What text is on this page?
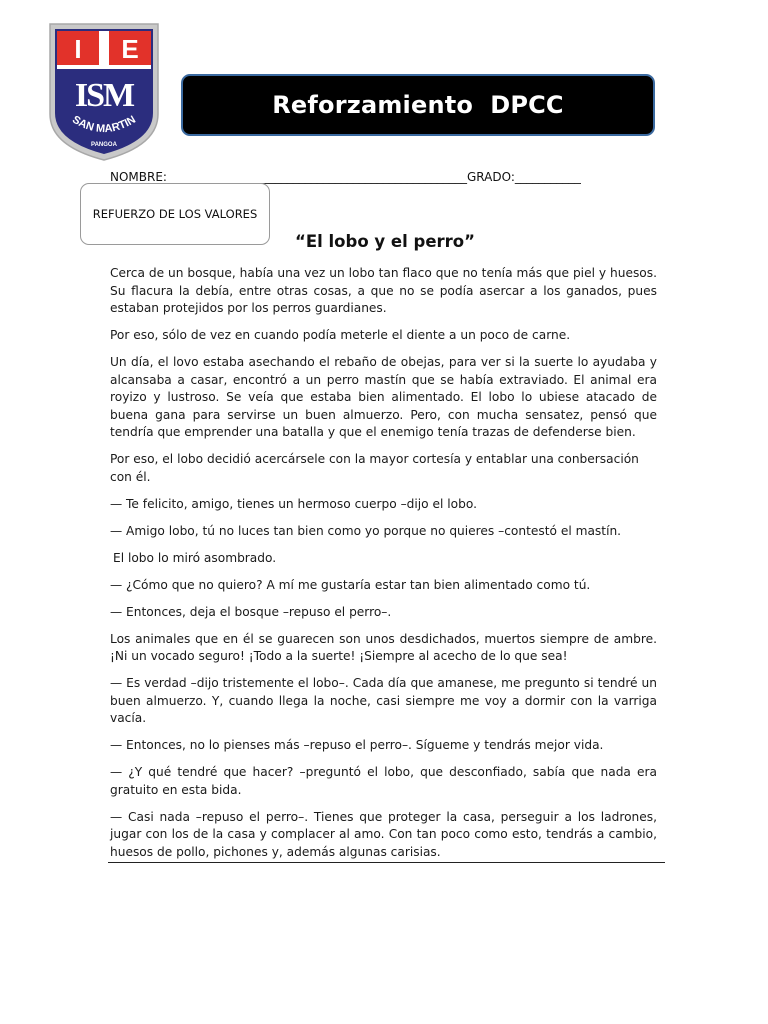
I E
ISM
SAN MARTIN
PANGOA
Reforzamiento  DPCC
NOMBRE:__________________________________________________GRADO:___________
REFUERZO DE LOS VALORES
“El lobo y el perro”

Cerca de un bosque, había una vez un lobo tan flaco que no tenía más que piel y huesos. Su flacura la debía, entre otras cosas, a que no se podía asercar a los ganados, pues estaban protejidos por los perros guardianes.

Por eso, sólo de vez en cuando podía meterle el diente a un poco de carne.

Un día, el lovo estaba asechando el rebaño de obejas, para ver si la suerte lo ayudaba y alcansaba a casar, encontró a un perro mastín que se había extraviado. El animal era royizo y lustroso. Se veía que estaba bien alimentado. El lobo lo ubiese atacado de buena gana para servirse un buen almuerzo. Pero, con mucha sensatez, pensó que tendría que emprender una batalla y que el enemigo tenía trazas de defenderse bien.

Por eso, el lobo decidió acercársele con la mayor cortesía y entablar una conbersación con él.

— Te felicito, amigo, tienes un hermoso cuerpo –dijo el lobo.

— Amigo lobo, tú no luces tan bien como yo porque no quieres –contestó el mastín.

El lobo lo miró asombrado.

— ¿Cómo que no quiero? A mí me gustaría estar tan bien alimentado como tú.

— Entonces, deja el bosque –repuso el perro–.

Los animales que en él se guarecen son unos desdichados, muertos siempre de ambre. ¡Ni un vocado seguro! ¡Todo a la suerte! ¡Siempre al acecho de lo que sea!

— Es verdad –dijo tristemente el lobo–. Cada día que amanese, me pregunto si tendré un buen almuerzo. Y, cuando llega la noche, casi siempre me voy a dormir con la varriga vacía.

— Entonces, no lo pienses más –repuso el perro–. Sígueme y tendrás mejor vida.

— ¿Y qué tendré que hacer? –preguntó el lobo, que desconfiado, sabía que nada era gratuito en esta bida.

— Casi nada –repuso el perro–. Tienes que proteger la casa, perseguir a los ladrones, jugar con los de la casa y complacer al amo. Con tan poco como esto, tendrás a cambio, huesos de pollo, pichones y, además algunas carisias.
